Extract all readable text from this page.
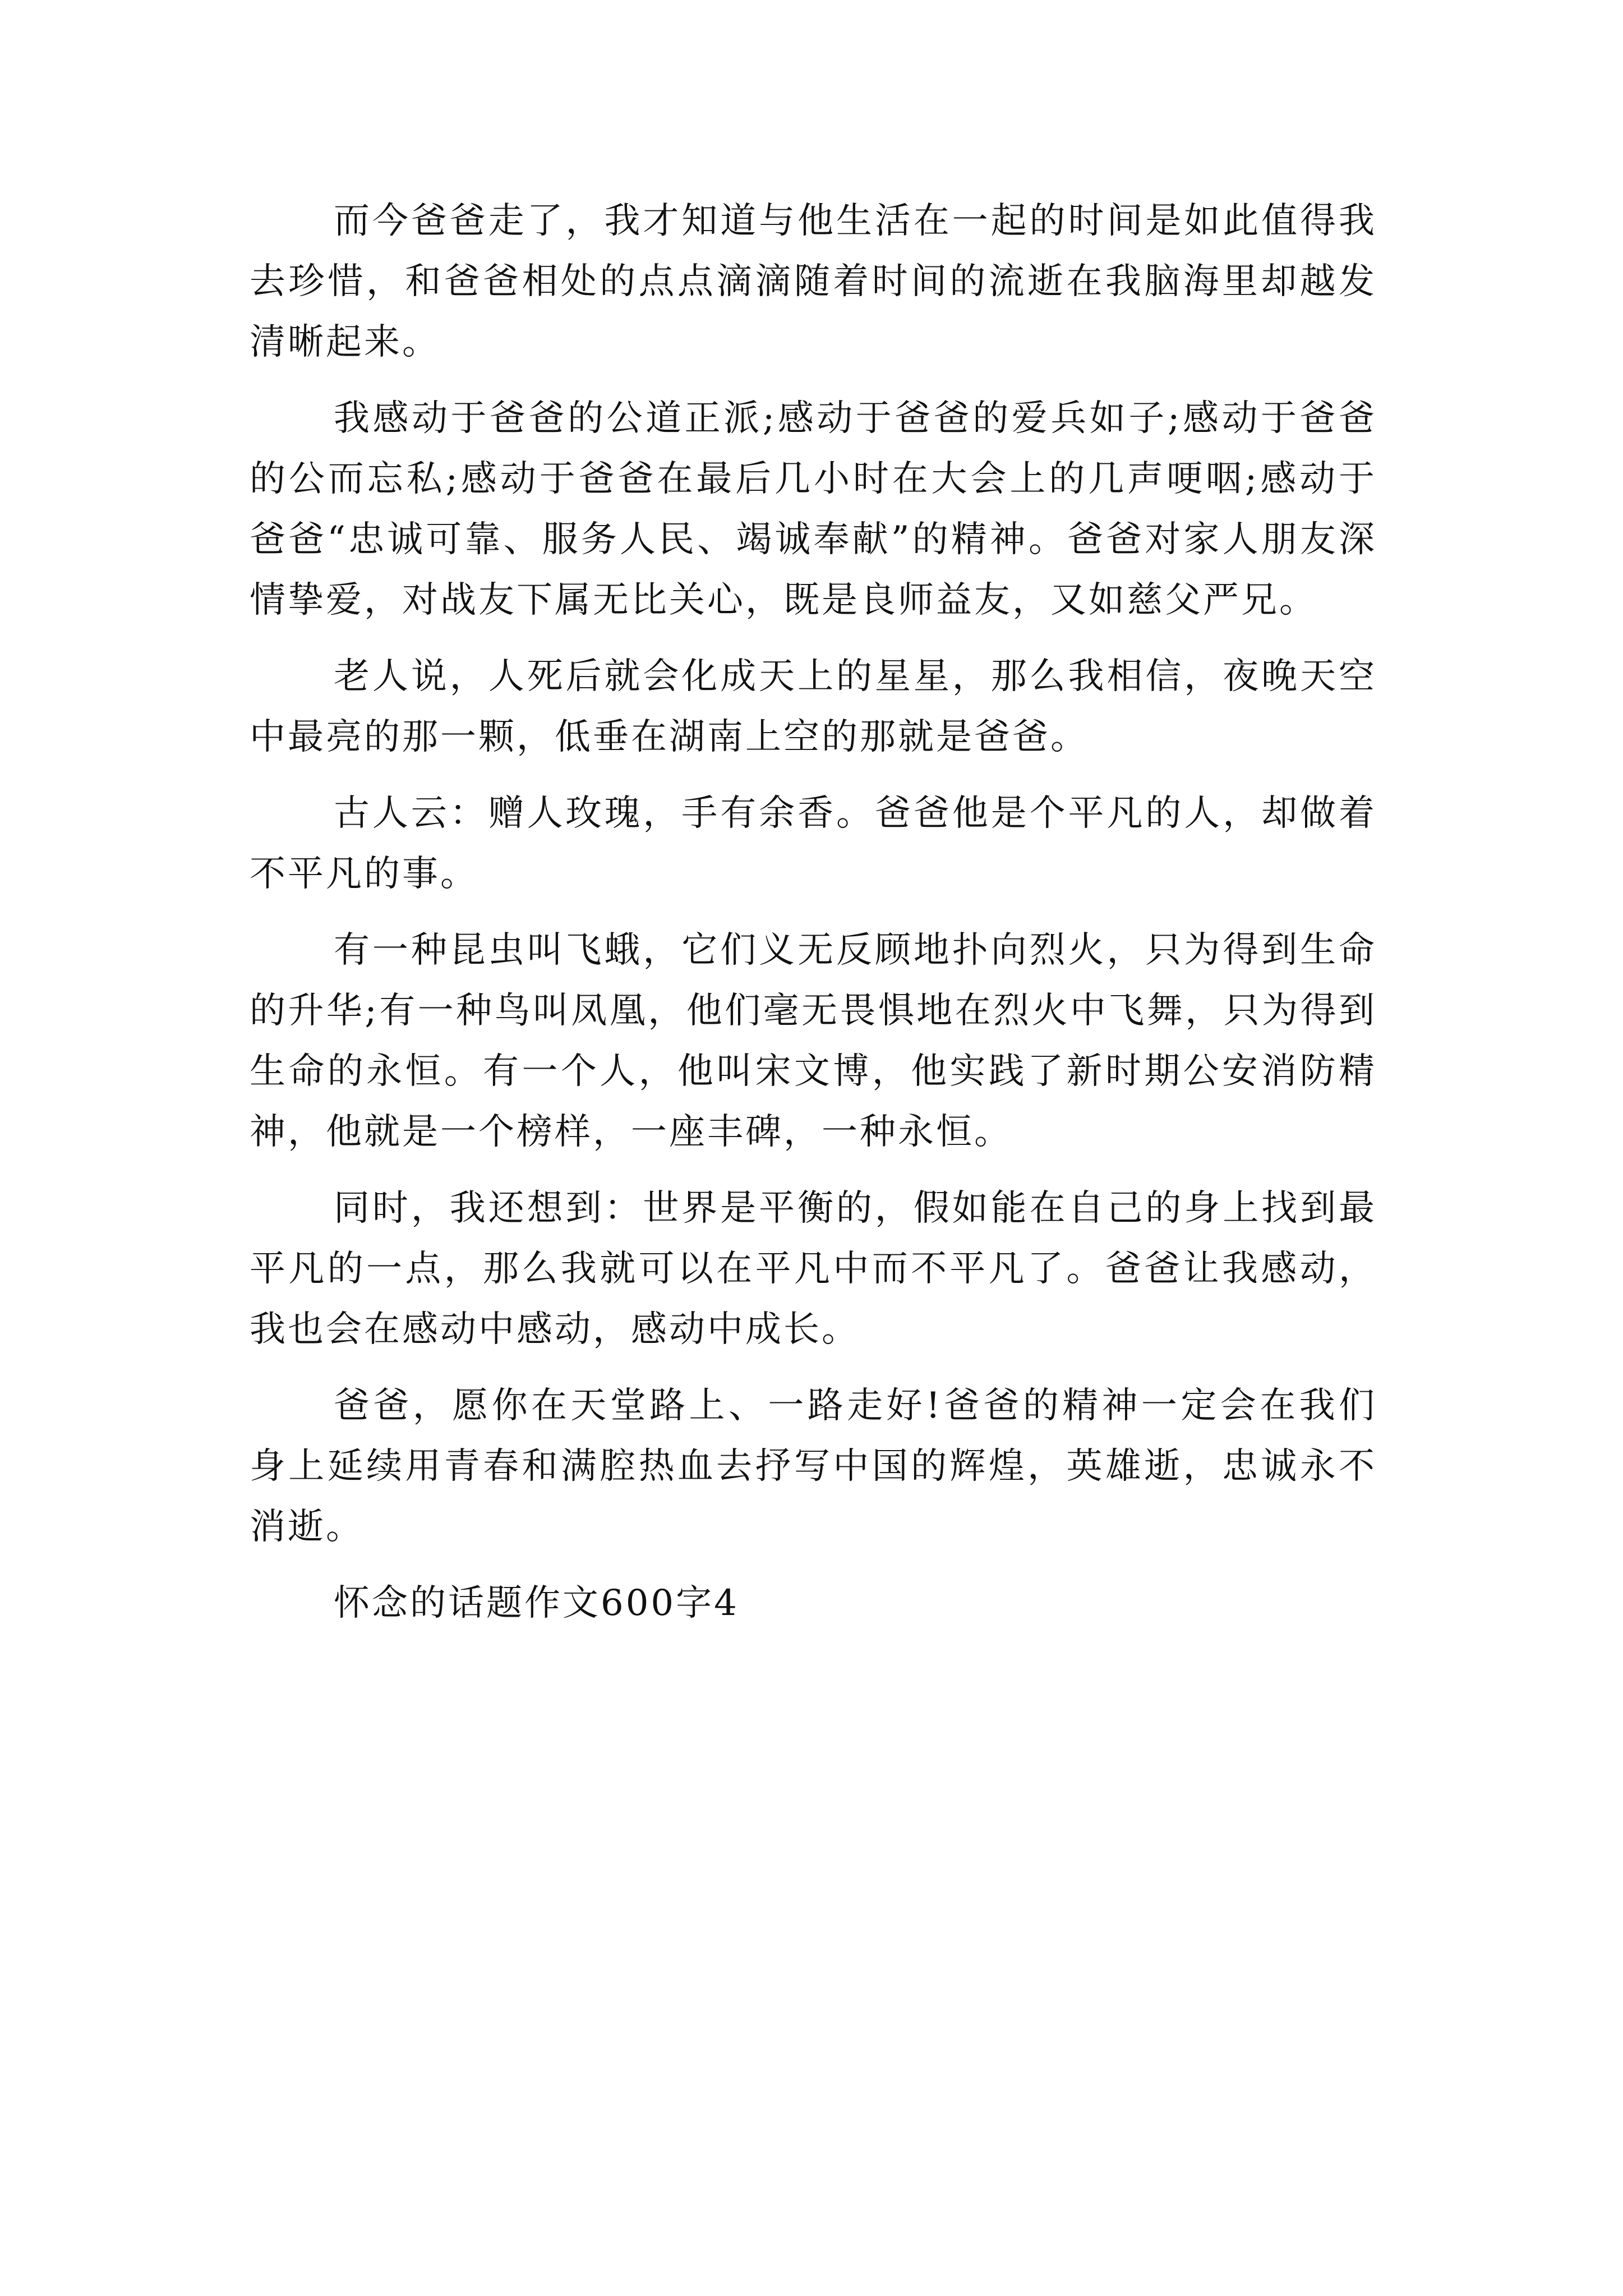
而今爸爸走了，我才知道与他生活在一起的时间是如此值得我去珍惜，和爸爸相处的点点滴滴随着时间的流逝在我脑海里却越发清晰起来。

我感动于爸爸的公道正派;感动于爸爸的爱兵如子;感动于爸爸的公而忘私;感动于爸爸在最后几小时在大会上的几声哽咽;感动于爸爸“忠诚可靠、服务人民、竭诚奉献”的精神。爸爸对家人朋友深情挚爱，对战友下属无比关心，既是良师益友，又如慈父严兄。

老人说，人死后就会化成天上的星星，那么我相信，夜晚天空中最亮的那一颗，低垂在湖南上空的那就是爸爸。

古人云：赠人玫瑰，手有余香。爸爸他是个平凡的人，却做着不平凡的事。

有一种昆虫叫飞蛾，它们义无反顾地扑向烈火，只为得到生命的升华;有一种鸟叫凤凰，他们毫无畏惧地在烈火中飞舞，只为得到生命的永恒。有一个人，他叫宋文博，他实践了新时期公安消防精神，他就是一个榜样，一座丰碑，一种永恒。

同时，我还想到：世界是平衡的，假如能在自己的身上找到最平凡的一点，那么我就可以在平凡中而不平凡了。爸爸让我感动，我也会在感动中感动，感动中成长。

爸爸，愿你在天堂路上、一路走好!爸爸的精神一定会在我们身上延续用青春和满腔热血去抒写中国的辉煌，英雄逝，忠诚永不消逝。

怀念的话题作文600字4
